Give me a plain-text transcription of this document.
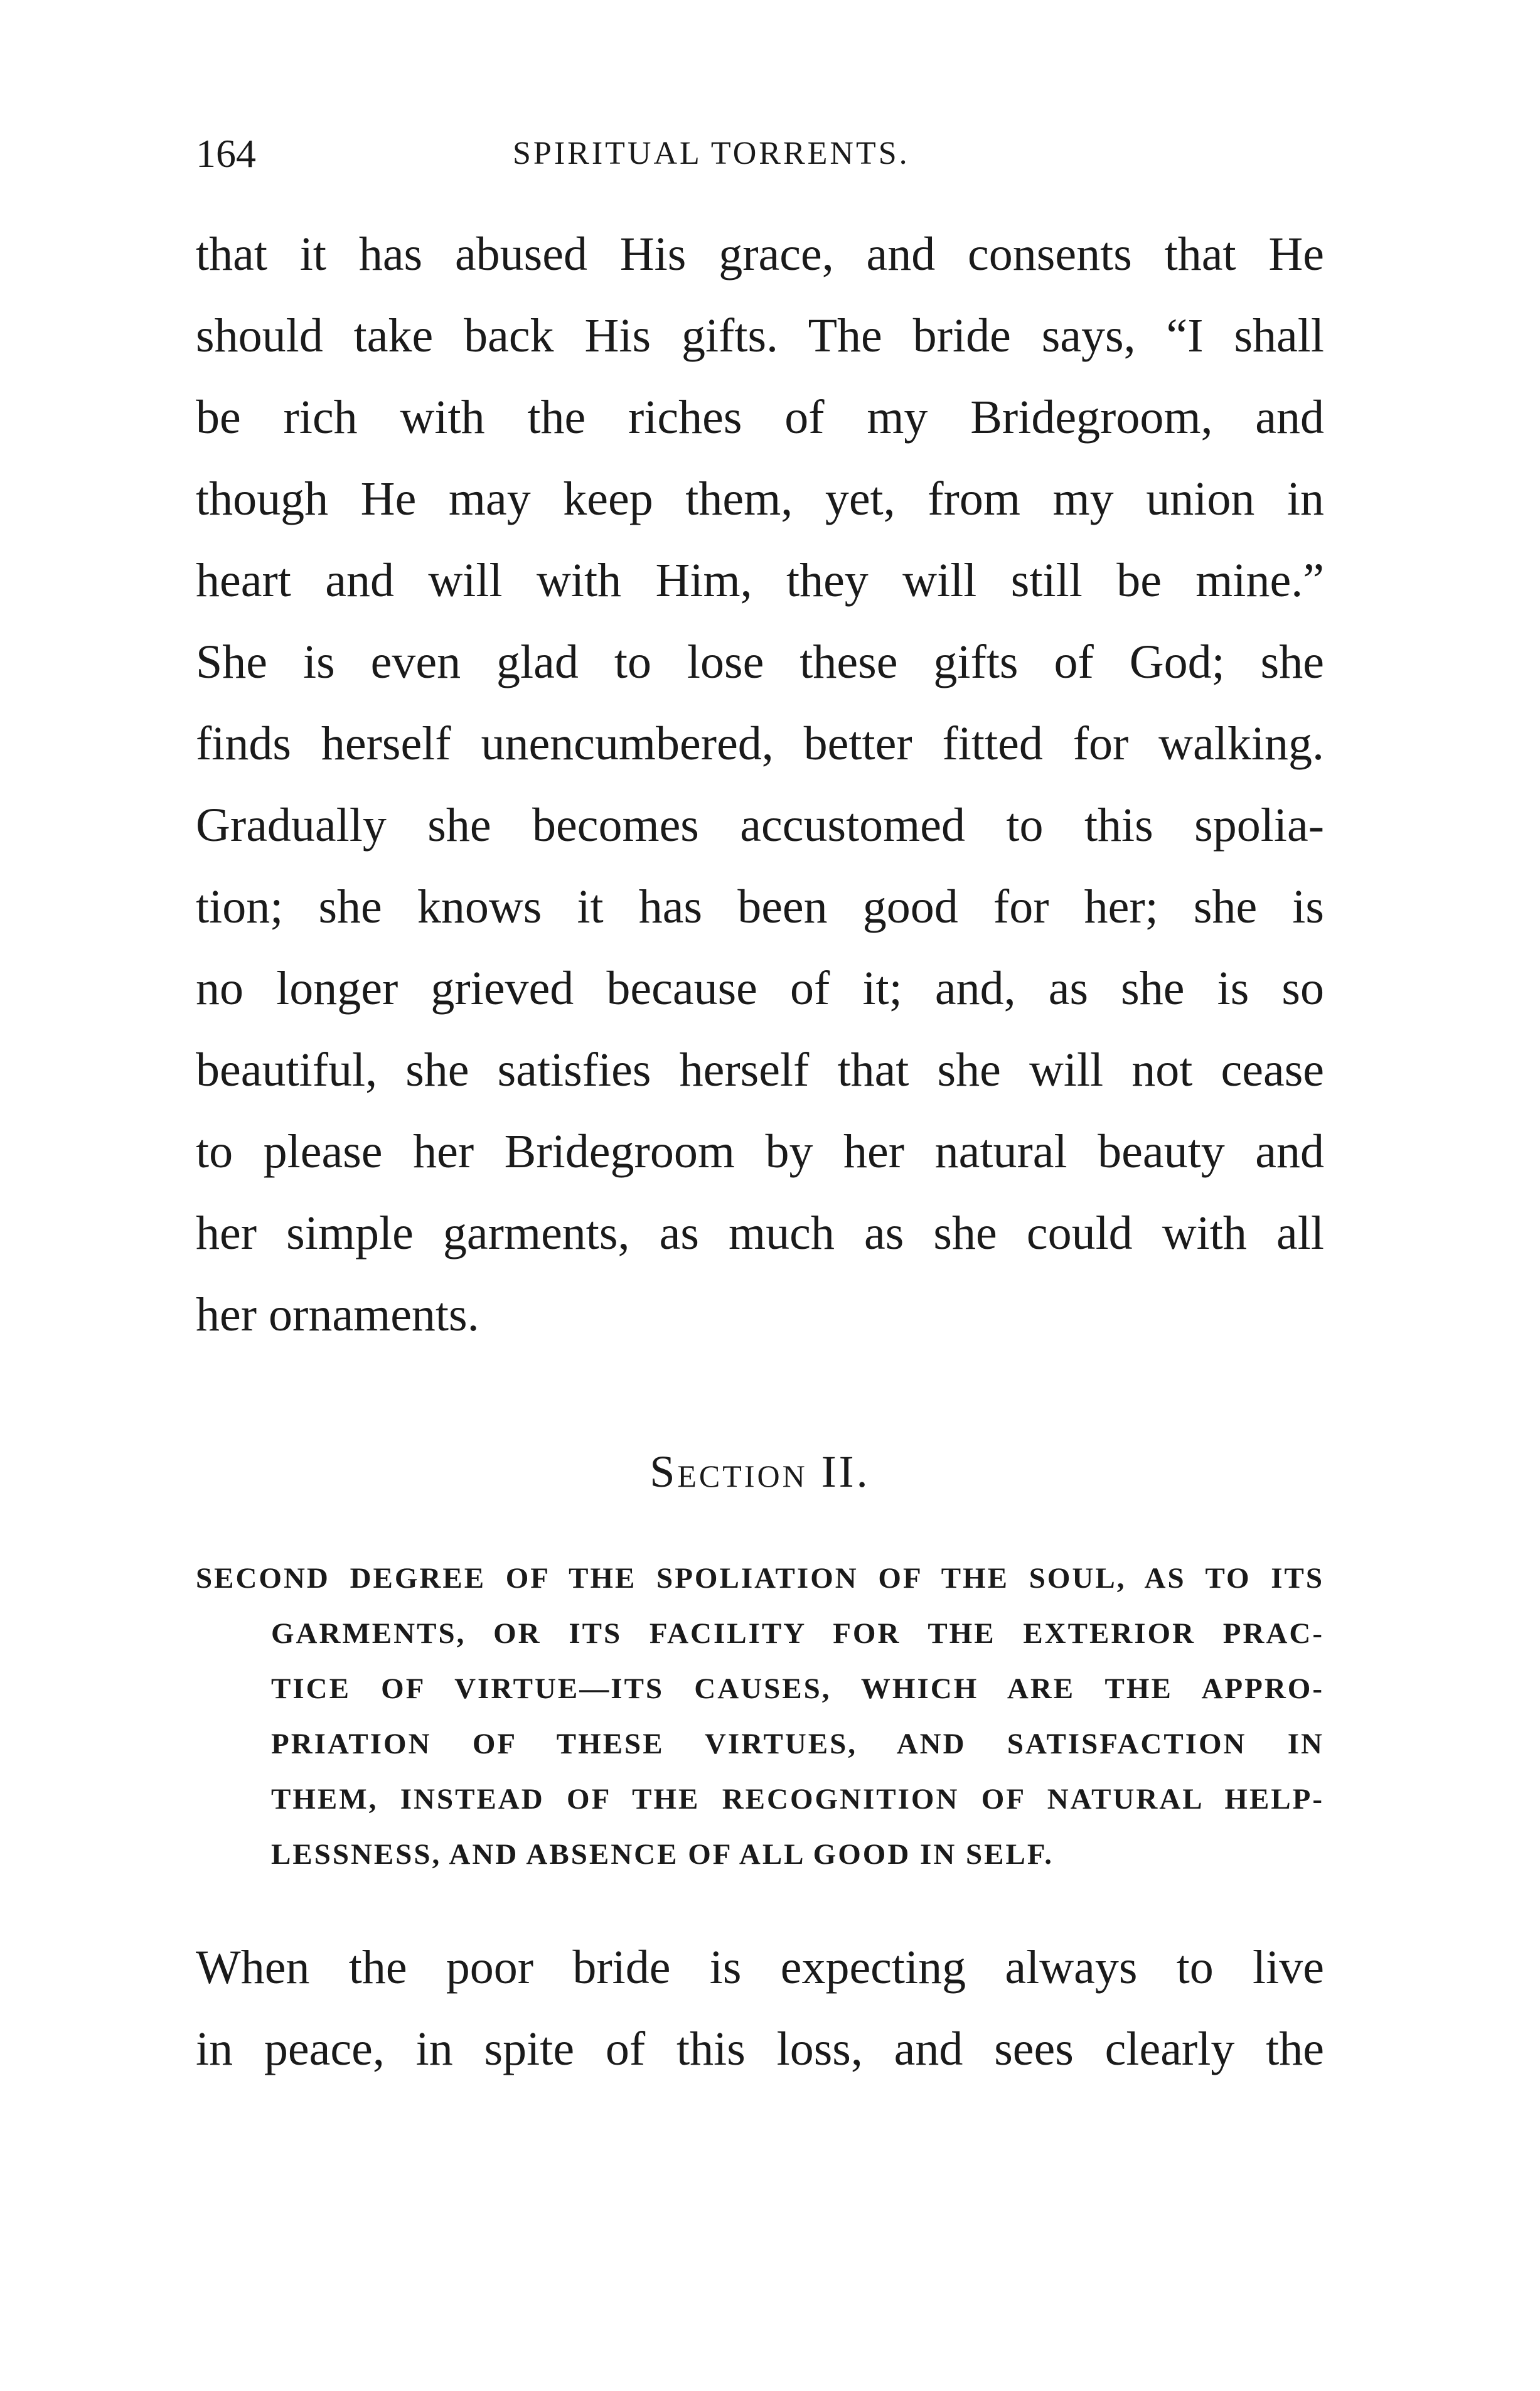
164	SPIRITUAL TORRENTS.
that it has abused His grace, and consents that He
should take back His gifts. The bride says, “I shall
be rich with the riches of my Bridegroom, and
though He may keep them, yet, from my union in
heart and will with Him, they will still be mine.”
She is even glad to lose these gifts of God; she
finds herself unencumbered, better fitted for walking.
Gradually she becomes accustomed to this spolia-
tion; she knows it has been good for her; she is
no longer grieved because of it; and, as she is so
beautiful, she satisfies herself that she will not cease
to please her Bridegroom by her natural beauty and
her simple garments, as much as she could with all
her ornaments.
Section II.
SECOND DEGREE OF THE SPOLIATION OF THE SOUL, AS TO ITS
GARMENTS, OR ITS FACILITY FOR THE EXTERIOR PRAC-
TICE OF VIRTUE—ITS CAUSES, WHICH ARE THE APPRO-
PRIATION OF THESE VIRTUES, AND SATISFACTION IN
THEM, INSTEAD OF THE RECOGNITION OF NATURAL HELP-
LESSNESS, AND ABSENCE OF ALL GOOD IN SELF.
When the poor bride is expecting always to live
in peace, in spite of this loss, and sees clearly the
